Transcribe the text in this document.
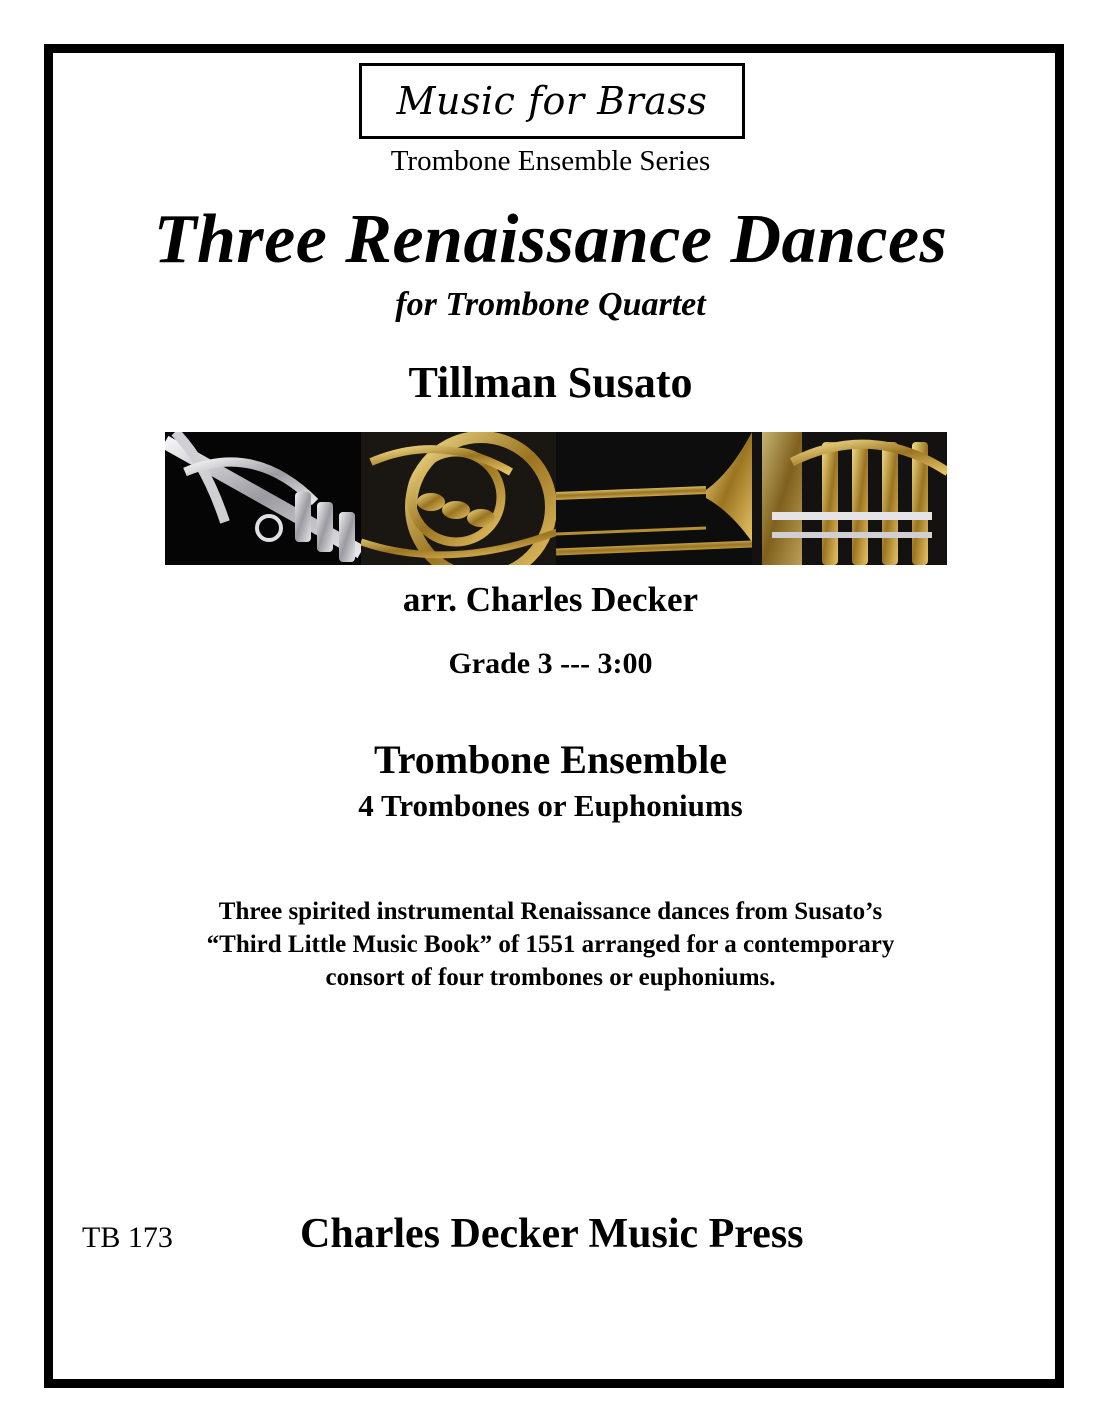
Music for Brass

Trombone Ensemble Series

Three Renaissance Dances

for Trombone Quartet

Tillman Susato

arr. Charles Decker

Grade 3 --- 3:00

Trombone Ensemble

4 Trombones or Euphoniums

Three spirited instrumental Renaissance dances from Susato’s
“Third Little Music Book” of 1551 arranged for a contemporary
consort of four trombones or euphoniums.

TB 173	Charles Decker Music Press
